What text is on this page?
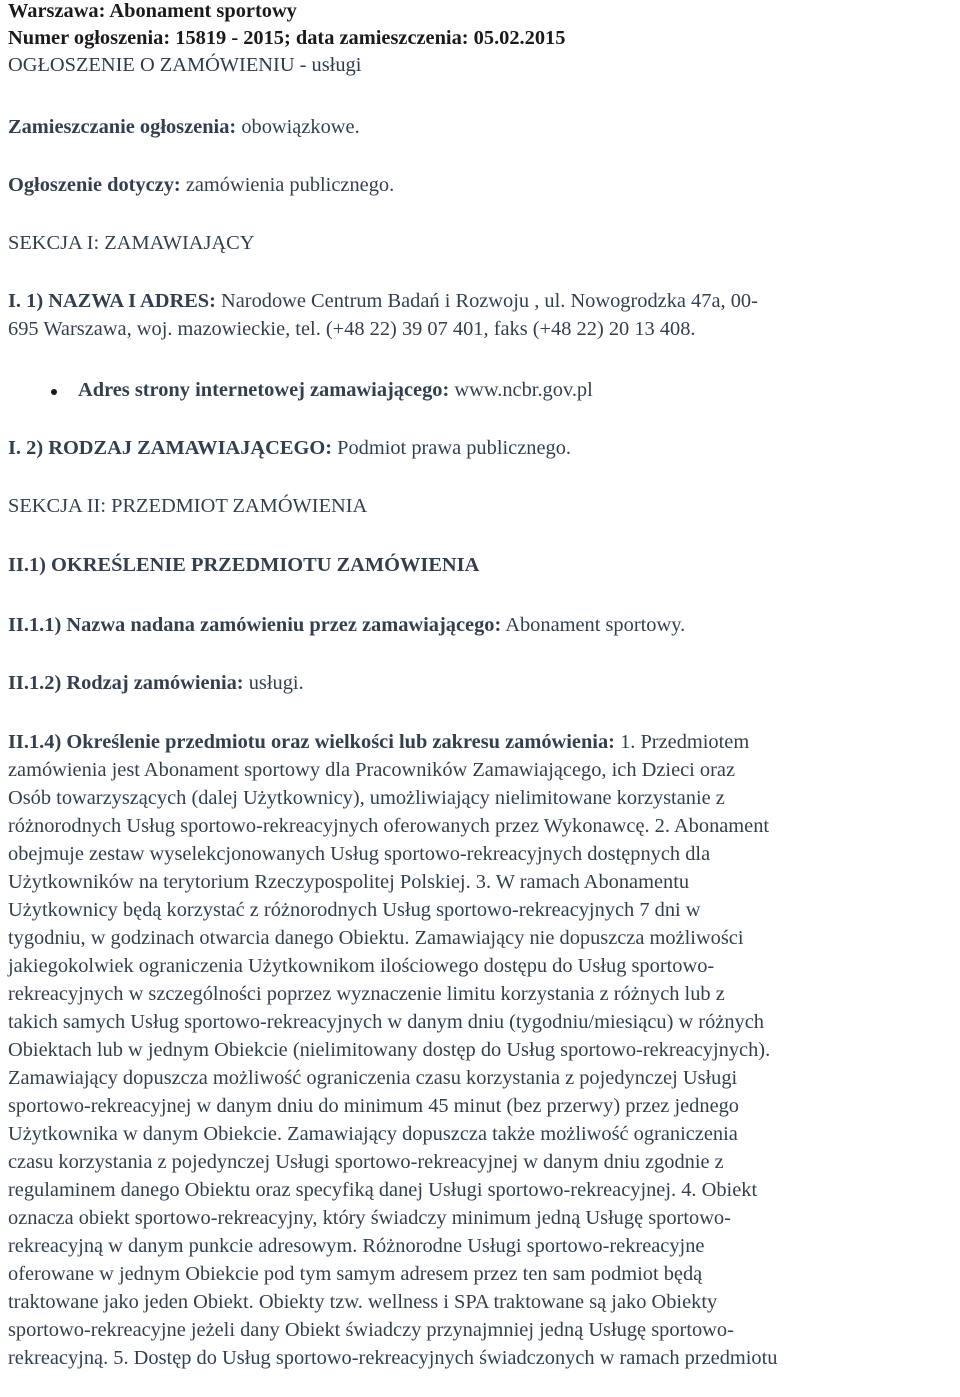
Warszawa: Abonament sportowy
Numer ogłoszenia: 15819 - 2015; data zamieszczenia: 05.02.2015
OGŁOSZENIE O ZAMÓWIENIU - usługi
Zamieszczanie ogłoszenia: obowiązkowe.
Ogłoszenie dotyczy: zamówienia publicznego.
SEKCJA I: ZAMAWIAJĄCY
I. 1) NAZWA I ADRES: Narodowe Centrum Badań i Rozwoju , ul. Nowogrodzka 47a, 00-
695 Warszawa, woj. mazowieckie, tel. (+48 22) 39 07 401, faks (+48 22) 20 13 408.
Adres strony internetowej zamawiającego: www.ncbr.gov.pl
I. 2) RODZAJ ZAMAWIAJĄCEGO: Podmiot prawa publicznego.
SEKCJA II: PRZEDMIOT ZAMÓWIENIA
II.1) OKREŚLENIE PRZEDMIOTU ZAMÓWIENIA
II.1.1) Nazwa nadana zamówieniu przez zamawiającego: Abonament sportowy.
II.1.2) Rodzaj zamówienia: usługi.
II.1.4) Określenie przedmiotu oraz wielkości lub zakresu zamówienia: 1. Przedmiotem
zamówienia jest Abonament sportowy dla Pracowników Zamawiającego, ich Dzieci oraz
Osób towarzyszących (dalej Użytkownicy), umożliwiający nielimitowane korzystanie z
różnorodnych Usług sportowo-rekreacyjnych oferowanych przez Wykonawcę. 2. Abonament
obejmuje zestaw wyselekcjonowanych Usług sportowo-rekreacyjnych dostępnych dla
Użytkowników na terytorium Rzeczypospolitej Polskiej. 3. W ramach Abonamentu
Użytkownicy będą korzystać z różnorodnych Usług sportowo-rekreacyjnych 7 dni w
tygodniu, w godzinach otwarcia danego Obiektu. Zamawiający nie dopuszcza możliwości
jakiegokolwiek ograniczenia Użytkownikom ilościowego dostępu do Usług sportowo-
rekreacyjnych w szczególności poprzez wyznaczenie limitu korzystania z różnych lub z
takich samych Usług sportowo-rekreacyjnych w danym dniu (tygodniu/miesiącu) w różnych
Obiektach lub w jednym Obiekcie (nielimitowany dostęp do Usług sportowo-rekreacyjnych).
Zamawiający dopuszcza możliwość ograniczenia czasu korzystania z pojedynczej Usługi
sportowo-rekreacyjnej w danym dniu do minimum 45 minut (bez przerwy) przez jednego
Użytkownika w danym Obiekcie. Zamawiający dopuszcza także możliwość ograniczenia
czasu korzystania z pojedynczej Usługi sportowo-rekreacyjnej w danym dniu zgodnie z
regulaminem danego Obiektu oraz specyfiką danej Usługi sportowo-rekreacyjnej. 4. Obiekt
oznacza obiekt sportowo-rekreacyjny, który świadczy minimum jedną Usługę sportowo-
rekreacyjną w danym punkcie adresowym. Różnorodne Usługi sportowo-rekreacyjne
oferowane w jednym Obiekcie pod tym samym adresem przez ten sam podmiot będą
traktowane jako jeden Obiekt. Obiekty tzw. wellness i SPA traktowane są jako Obiekty
sportowo-rekreacyjne jeżeli dany Obiekt świadczy przynajmniej jedną Usługę sportowo-
rekreacyjną. 5. Dostęp do Usług sportowo-rekreacyjnych świadczonych w ramach przedmiotu
